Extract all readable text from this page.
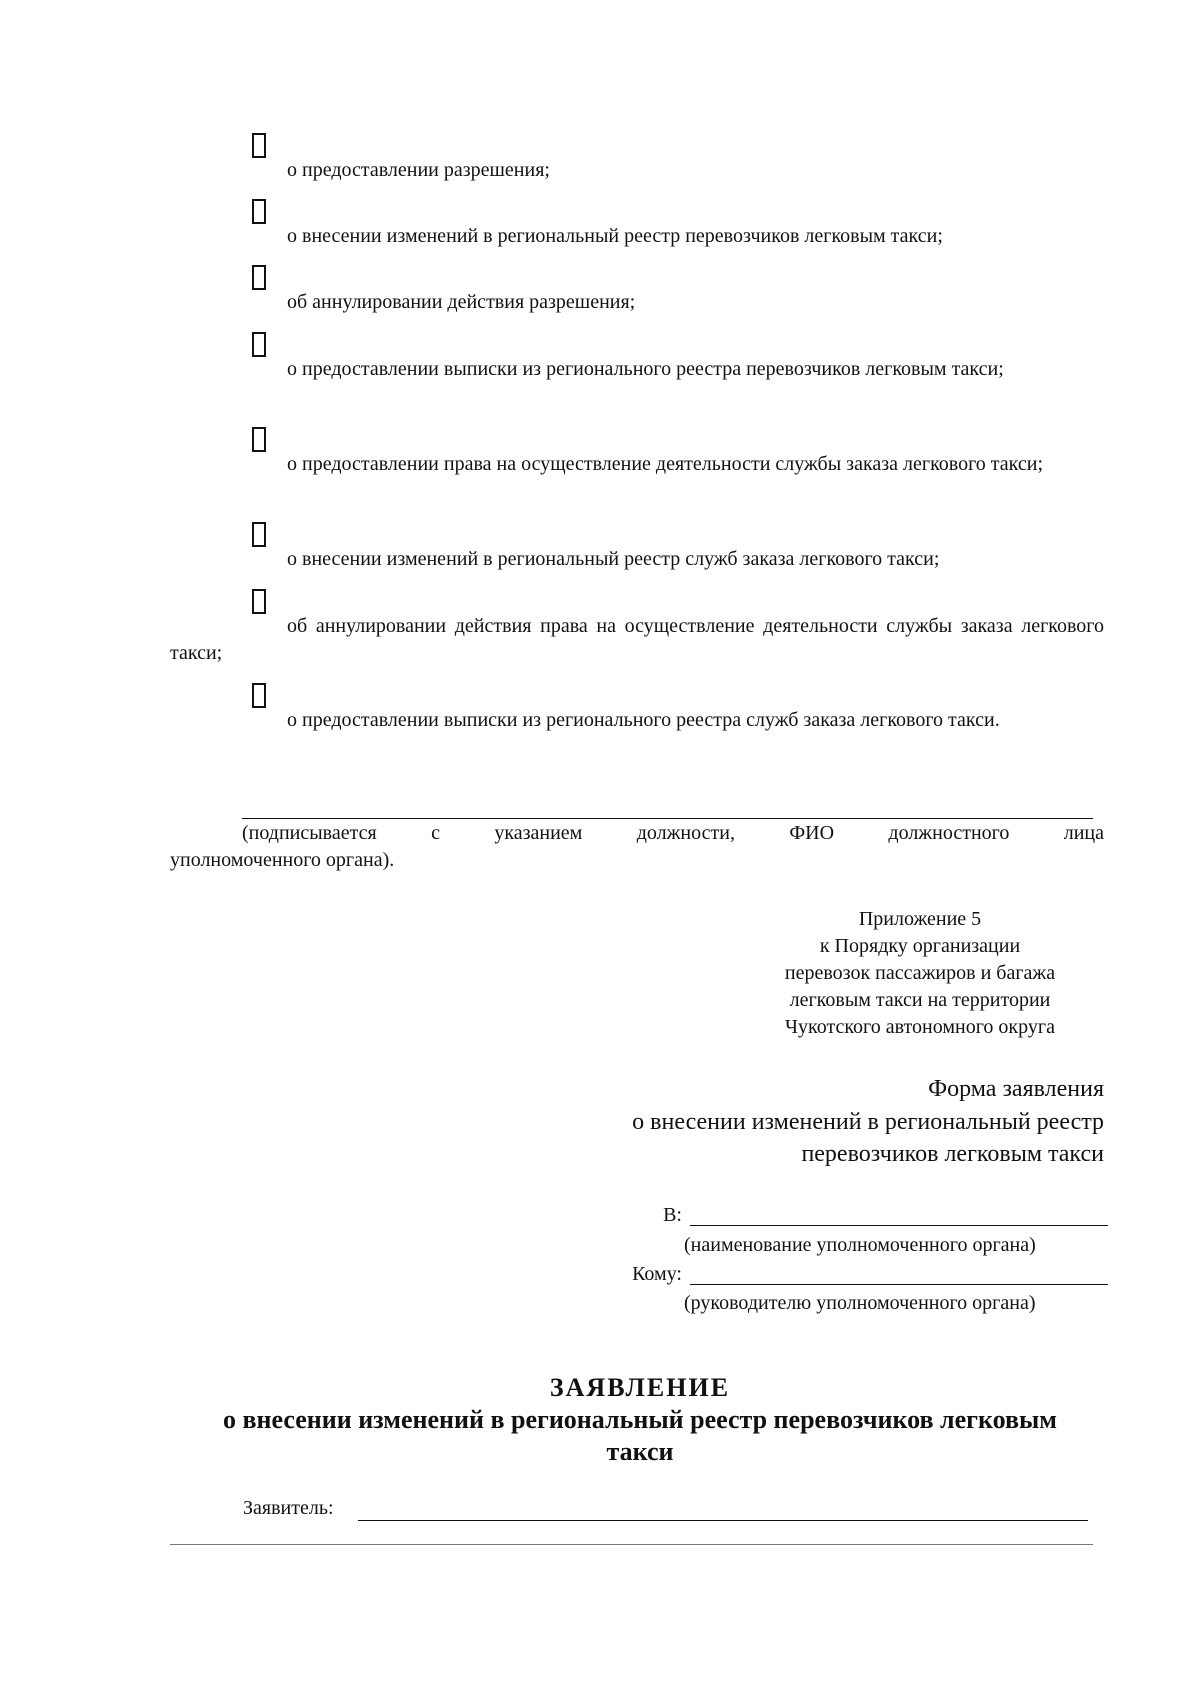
о предоставлении разрешения;

о внесении изменений в региональный реестр перевозчиков легковым такси;

об аннулировании действия разрешения;

о предоставлении выписки из регионального реестра перевозчиков легковым такси;

о предоставлении права на осуществление деятельности службы заказа легкового такси;

о внесении изменений в региональный реестр служб заказа легкового такси;

об аннулировании действия права на осуществление деятельности службы заказа легкового такси;

о предоставлении выписки из регионального реестра служб заказа легкового такси.

(подписывается с указанием должности, ФИО должностного лица
уполномоченного органа).

Приложение 5
к Порядку организации
перевозок пассажиров и багажа
легковым такси на территории
Чукотского автономного округа
Форма заявления
о внесении изменений в региональный реестр
перевозчиков легковым такси
В:
(наименование уполномоченного органа)
Кому:
(руководителю уполномоченного органа)
ЗАЯВЛЕНИЕ
о внесении изменений в региональный реестр перевозчиков легковым
такси
Заявитель:
